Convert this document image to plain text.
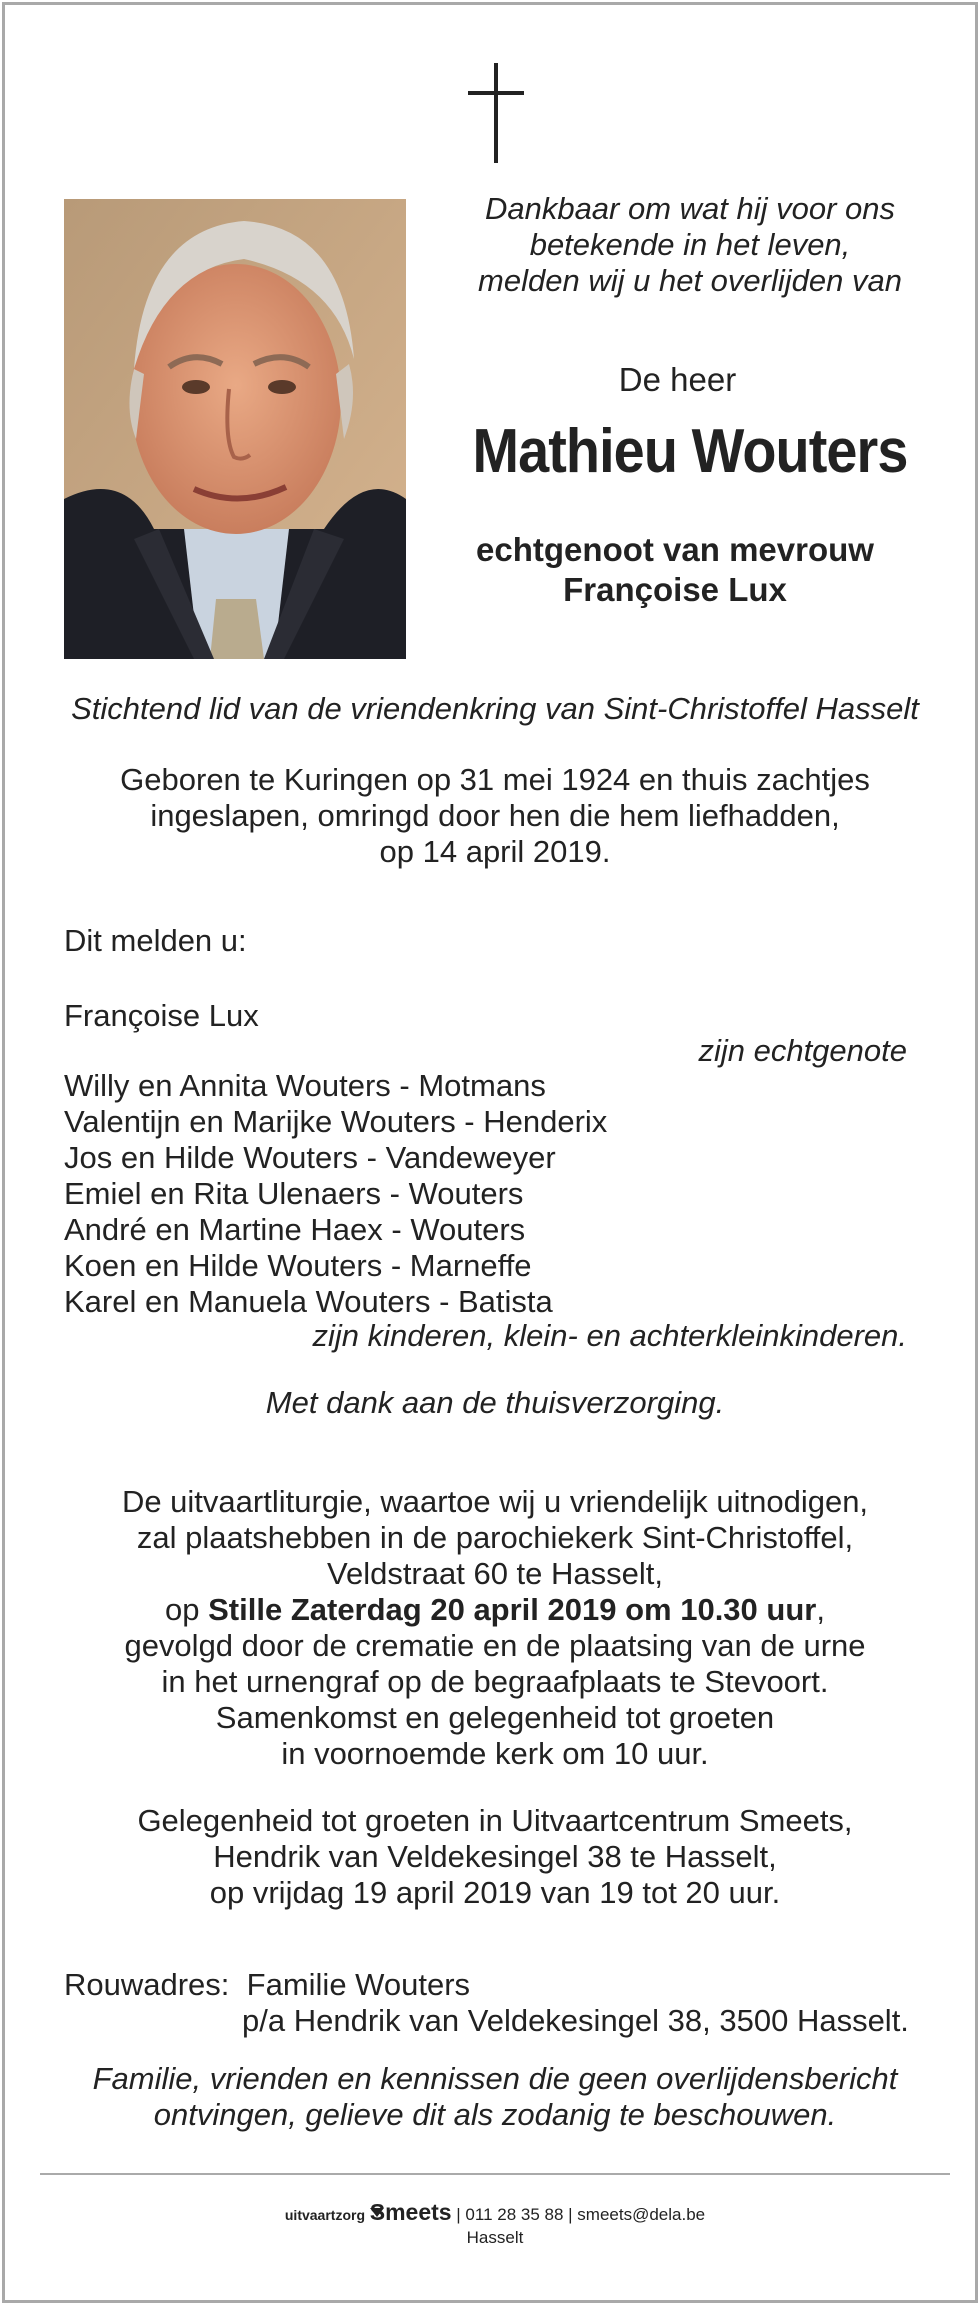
Dankbaar om wat hij voor ons
betekende in het leven,
melden wij u het overlijden van
De heer
Mathieu Wouters
echtgenoot van mevrouw
Françoise Lux
Stichtend lid van de vriendenkring van Sint-Christoffel Hasselt
Geboren te Kuringen op 31 mei 1924 en thuis zachtjes
ingeslapen, omringd door hen die hem liefhadden,
op 14 april 2019.
Dit melden u:
Françoise Lux
zijn echtgenote
Willy en Annita Wouters - Motmans
Valentijn en Marijke Wouters - Henderix
Jos en Hilde Wouters - Vandeweyer
Emiel en Rita Ulenaers - Wouters
André en Martine Haex - Wouters
Koen en Hilde Wouters - Marneffe
Karel en Manuela Wouters - Batista
zijn kinderen, klein- en achterkleinkinderen.
Met dank aan de thuisverzorging.
De uitvaartliturgie, waartoe wij u vriendelijk uitnodigen,
zal plaatshebben in de parochiekerk Sint-Christoffel,
Veldstraat 60 te Hasselt,
op Stille Zaterdag 20 april 2019 om 10.30 uur,
gevolgd door de crematie en de plaatsing van de urne
in het urnengraf op de begraafplaats te Stevoort.
Samenkomst en gelegenheid tot groeten
in voornoemde kerk om 10 uur.
Gelegenheid tot groeten in Uitvaartcentrum Smeets,
Hendrik van Veldekesingel 38 te Hasselt,
op vrijdag 19 april 2019 van 19 tot 20 uur.
Rouwadres: Familie Wouters
p/a Hendrik van Veldekesingel 38, 3500 Hasselt.
Familie, vrienden en kennissen die geen overlijdensbericht
ontvingen, gelieve dit als zodanig te beschouwen.
uitvaartzorg Smeets | 011 28 35 88 | smeets@dela.be
Hasselt
